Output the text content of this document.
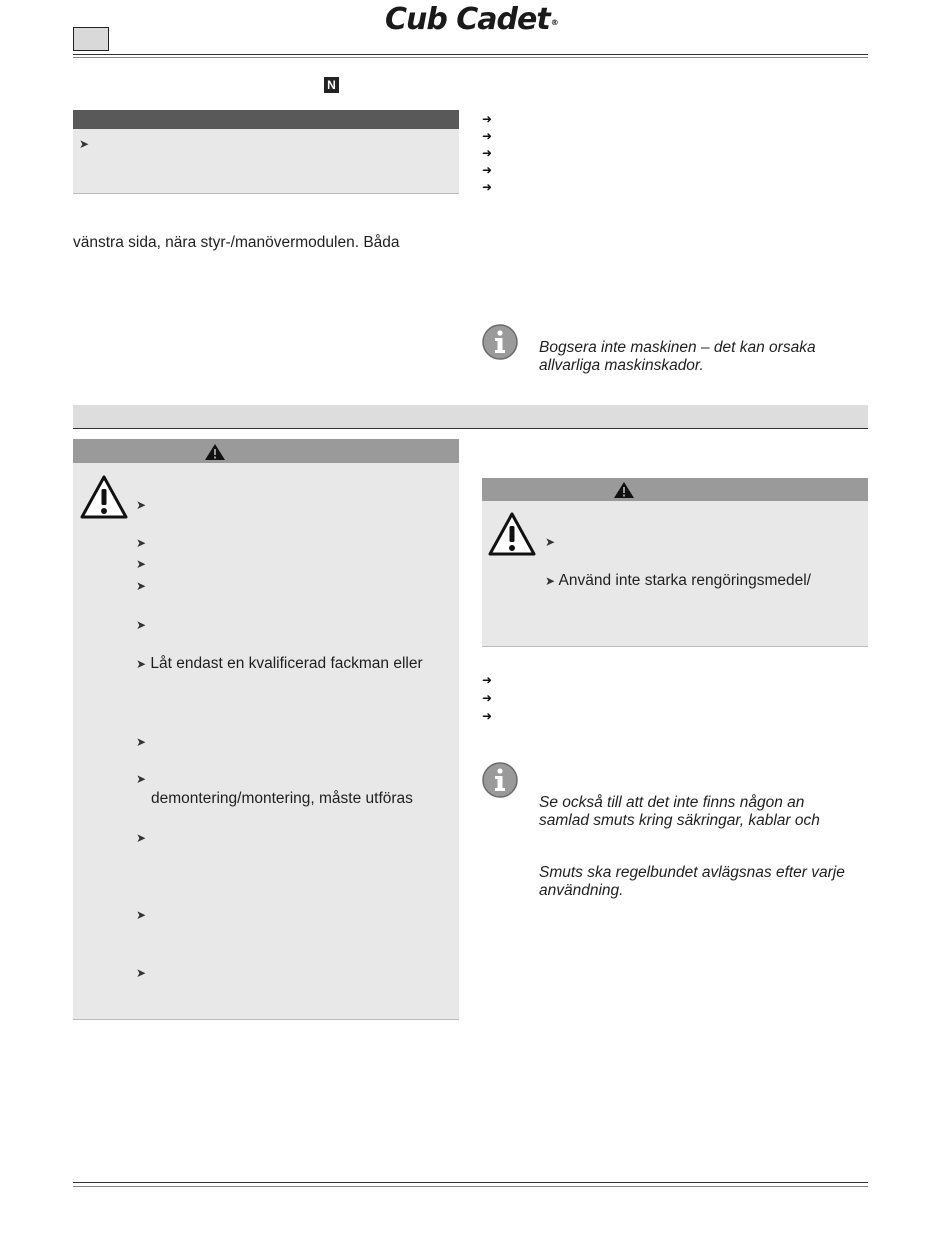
Cub Cadet®
N
➤
vänstra sida, nära styr-/manövermodulen. Båda
➜
➜
➜
➜
➜
Bogsera inte maskinen – det kan orsaka
allvarliga maskinskador.
➤
➤
➤
➤
➤
➤ Låt endast en kvalificerad fackman eller
➤
➤
demontering/montering, måste utföras
➤
➤
➤
➤
➤ Använd inte starka rengöringsmedel/
➜
➜
➜
Se också till att det inte finns någon an
samlad smuts kring säkringar, kablar och
Smuts ska regelbundet avlägsnas efter varje
användning.
